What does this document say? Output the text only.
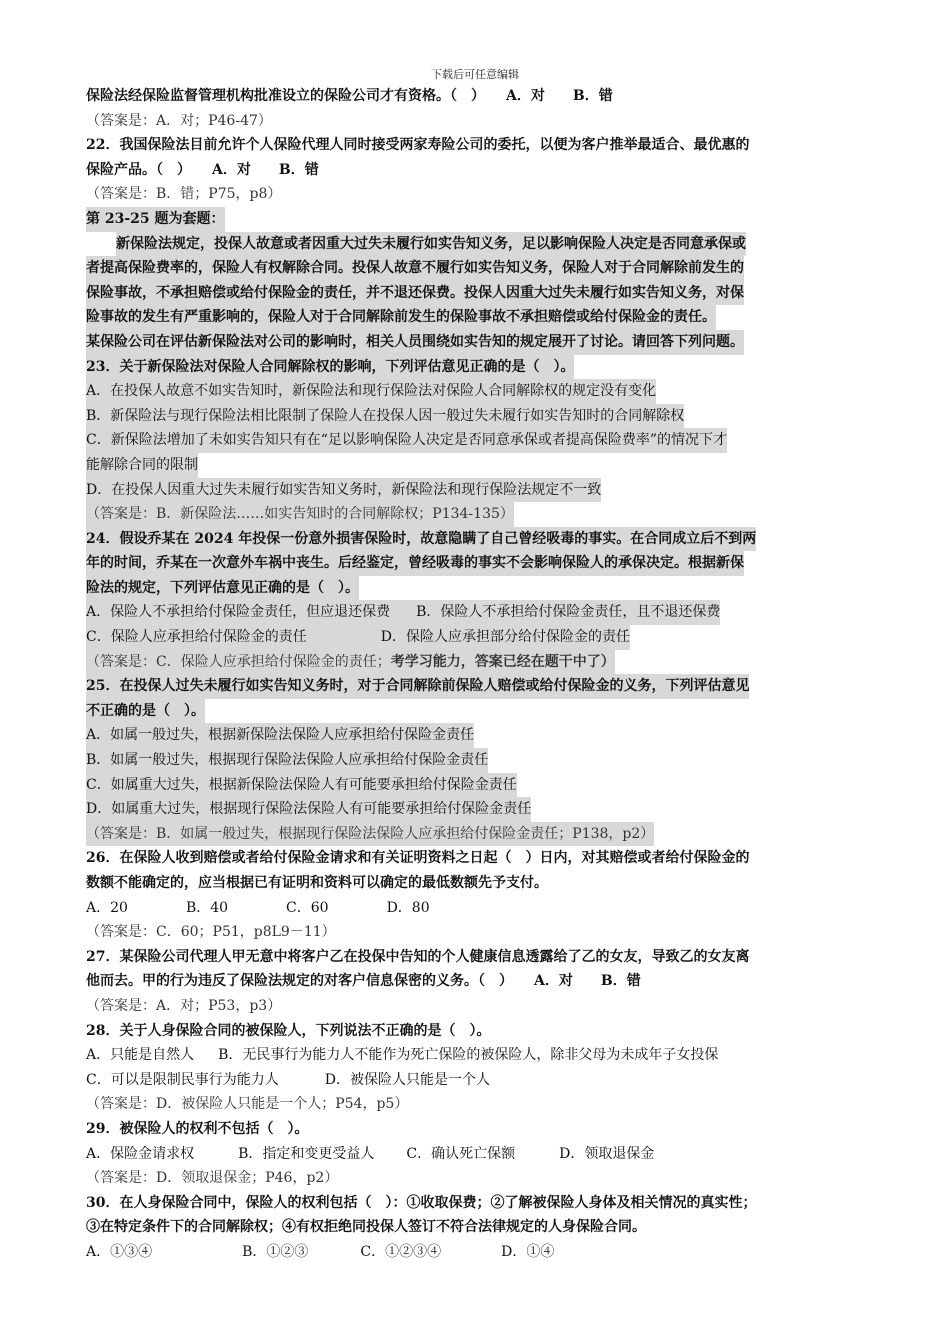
下载后可任意编辑
保险法经保险监督管理机构批准设立的保险公司才有资格。（　）　　A．对　　B．错
（答案是：A．对；P46-47）
22．我国保险法目前允许个人保险代理人同时接受两家寿险公司的委托，以便为客户推举最适合、最优惠的
保险产品。（　）　　A．对　　B．错
（答案是：B．错；P75，p8）
第 23-25 题为套题：
新保险法规定，投保人故意或者因重大过失未履行如实告知义务，足以影响保险人决定是否同意承保或
者提高保险费率的，保险人有权解除合同。投保人故意不履行如实告知义务，保险人对于合同解除前发生的
保险事故，不承担赔偿或给付保险金的责任，并不退还保费。投保人因重大过失未履行如实告知义务，对保
险事故的发生有严重影响的，保险人对于合同解除前发生的保险事故不承担赔偿或给付保险金的责任。
某保险公司在评估新保险法对公司的影响时，相关人员围绕如实告知的规定展开了讨论。请回答下列问题。
23．关于新保险法对保险人合同解除权的影响，下列评估意见正确的是（　）。
A．在投保人故意不如实告知时，新保险法和现行保险法对保险人合同解除权的规定没有变化
B．新保险法与现行保险法相比限制了保险人在投保人因一般过失未履行如实告知时的合同解除权
C．新保险法增加了未如实告知只有在“足以影响保险人决定是否同意承保或者提高保险费率”的情况下才
能解除合同的限制
D．在投保人因重大过失未履行如实告知义务时，新保险法和现行保险法规定不一致
（答案是：B．新保险法……如实告知时的合同解除权；P134-135）
24．假设乔某在 2024 年投保一份意外损害保险时，故意隐瞒了自己曾经吸毒的事实。在合同成立后不到两
年的时间，乔某在一次意外车祸中丧生。后经鉴定，曾经吸毒的事实不会影响保险人的承保决定。根据新保
险法的规定，下列评估意见正确的是（　）。
A．保险人不承担给付保险金责任，但应退还保费 B．保险人不承担给付保险金责任，且不退还保费
C．保险人应承担给付保险金的责任	D．保险人应承担部分给付保险金的责任
（答案是：C．保险人应承担给付保险金的责任；考学习能力，答案已经在题干中了）
25．在投保人过失未履行如实告知义务时，对于合同解除前保险人赔偿或给付保险金的义务，下列评估意见
不正确的是（　）。
A．如属一般过失，根据新保险法保险人应承担给付保险金责任
B．如属一般过失，根据现行保险法保险人应承担给付保险金责任
C．如属重大过失，根据新保险法保险人有可能要承担给付保险金责任
D．如属重大过失，根据现行保险法保险人有可能要承担给付保险金责任
（答案是：B．如属一般过失，根据现行保险法保险人应承担给付保险金责任；P138，p2）
26．在保险人收到赔偿或者给付保险金请求和有关证明资料之日起（　）日内，对其赔偿或者给付保险金的
数额不能确定的，应当根据已有证明和资料可以确定的最低数额先予支付。
A．20	B．40	C．60	D．80
（答案是：C．60；P51，p8L9－11）
27．某保险公司代理人甲无意中将客户乙在投保中告知的个人健康信息透露给了乙的女友，导致乙的女友离
他而去。甲的行为违反了保险法规定的对客户信息保密的义务。（　）　　A．对　　B．错
（答案是：A．对；P53，p3）
28．关于人身保险合同的被保险人，下列说法不正确的是（　）。
A．只能是自然人 B．无民事行为能力人不能作为死亡保险的被保险人，除非父母为未成年子女投保
C．可以是限制民事行为能力人	D．被保险人只能是一个人
（答案是：D．被保险人只能是一个人；P54，p5）
29．被保险人的权利不包括（　）。
A．保险金请求权	B．指定和变更受益人 C．确认死亡保额	D．领取退保金
（答案是：D．领取退保金；P46，p2）
30．在人身保险合同中，保险人的权利包括（　）：①收取保费；②了解被保险人身体及相关情况的真实性；
③在特定条件下的合同解除权；④有权拒绝同投保人签订不符合法律规定的人身保险合同。
A．①③④	B．①②③	C．①②③④	D．①④
